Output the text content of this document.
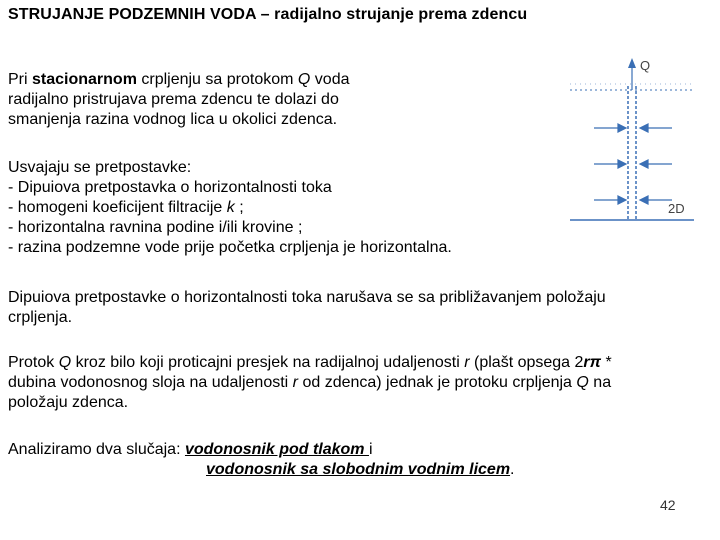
STRUJANJE PODZEMNIH VODA – radijalno strujanje prema zdencu
Pri stacionarnom crpljenju sa protokom Q voda
radijalno pristrujava prema zdencu te dolazi do
smanjenja razina vodnog lica u okolici zdenca.
Usvajaju se pretpostavke:
- Dipuiova pretpostavka o horizontalnosti toka
- homogeni koeficijent filtracije k ;
- horizontalna ravnina podine i/ili krovine ;
- razina podzemne vode prije početka crpljenja je horizontalna.
Dipuiova pretpostavke o horizontalnosti toka narušava se sa približavanjem položaju
crpljenja.
Protok Q kroz bilo koji proticajni presjek na radijalnoj udaljenosti r (plašt opsega 2rπ *
dubina vodonosnog sloja na udaljenosti r od zdenca) jednak je protoku crpljenja Q na
položaju zdenca.
Analiziramo dva slučaja: vodonosnik pod tlakom i
vodonosnik sa slobodnim vodnim licem.
Q
2D
42
